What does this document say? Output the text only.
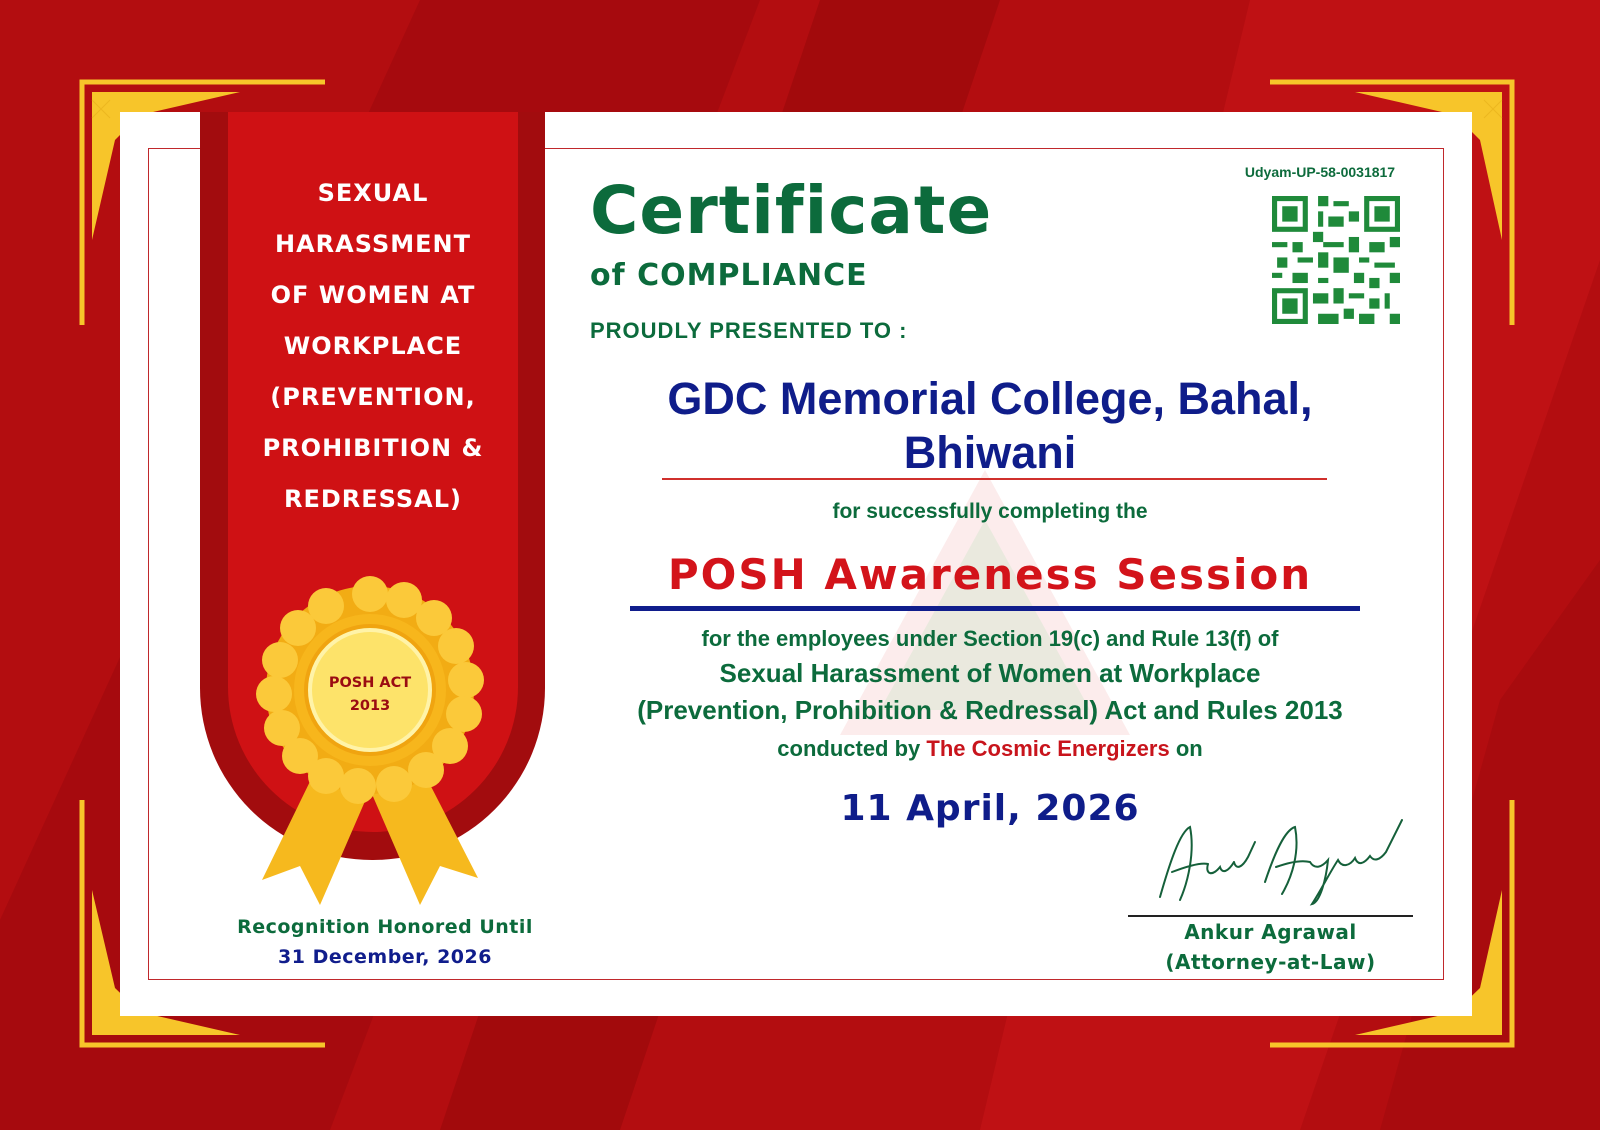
SEXUAL
HARASSMENT
OF WOMEN AT
WORKPLACE
(PREVENTION,
PROHIBITION &
REDRESSAL)
POSH ACT
2013
Certificate
of COMPLIANCE
PROUDLY PRESENTED TO :
Udyam-UP-58-0031817
GDC Memorial College, Bahal, Bhiwani
for successfully completing the
POSH Awareness Session
for the employees under Section 19(c) and Rule 13(f) of
Sexual Harassment of Women at Workplace
(Prevention, Prohibition & Redressal) Act and Rules 2013
conducted by The Cosmic Energizers on
11 April, 2026
Recognition Honored Until
31 December, 2026
Ankur Agrawal
(Attorney-at-Law)
